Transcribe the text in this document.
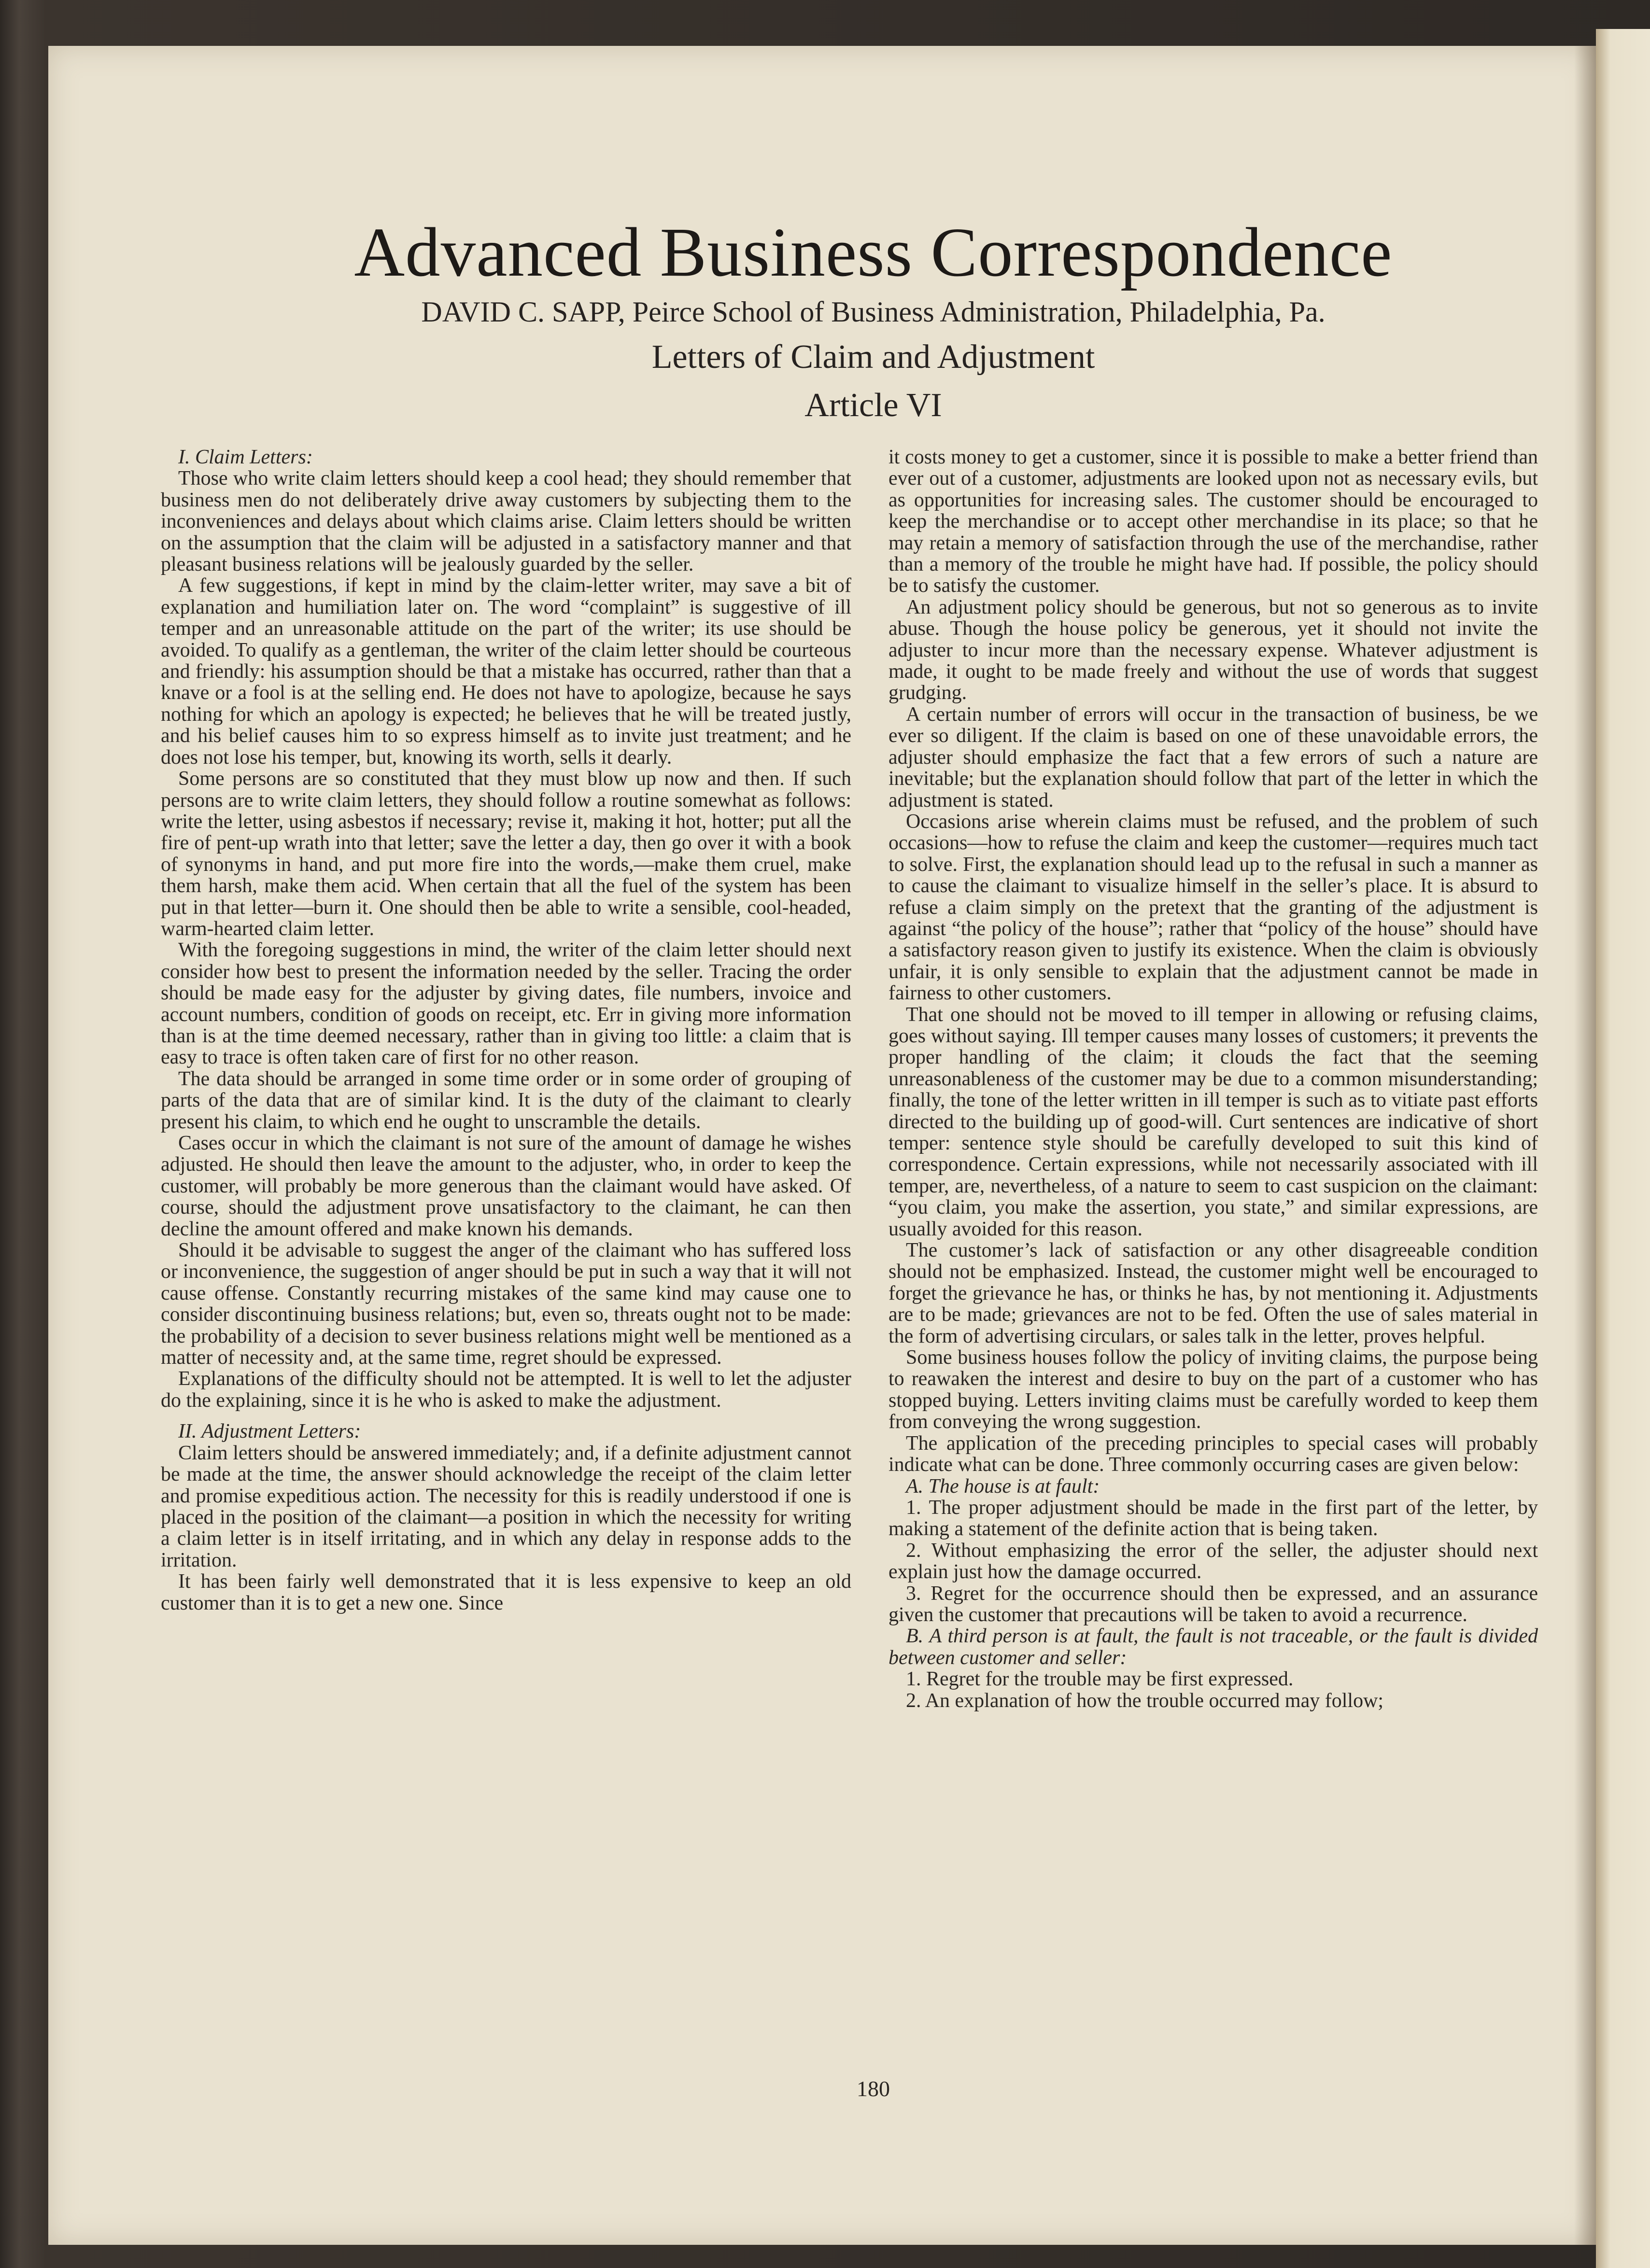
Advanced Business Correspondence
DAVID C. SAPP, Peirce School of Business Administration, Philadelphia, Pa.
Letters of Claim and Adjustment
Article VI

I. Claim Letters:

Those who write claim letters should keep a cool head; they should remember that business men do not deliberately drive away customers by subjecting them to the inconveniences and delays about which claims arise. Claim letters should be written on the assumption that the claim will be adjusted in a satisfactory manner and that pleasant business relations will be jealously guarded by the seller.

A few suggestions, if kept in mind by the claim-letter writer, may save a bit of explanation and humiliation later on. The word “complaint” is suggestive of ill temper and an unreasonable attitude on the part of the writer; its use should be avoided. To qualify as a gentleman, the writer of the claim letter should be courteous and friendly: his assumption should be that a mistake has occurred, rather than that a knave or a fool is at the selling end. He does not have to apologize, because he says nothing for which an apology is expected; he believes that he will be treated justly, and his belief causes him to so express himself as to invite just treatment; and he does not lose his temper, but, knowing its worth, sells it dearly.

Some persons are so constituted that they must blow up now and then. If such persons are to write claim letters, they should follow a routine somewhat as follows: write the letter, using asbestos if necessary; revise it, making it hot, hotter; put all the fire of pent-up wrath into that letter; save the letter a day, then go over it with a book of synonyms in hand, and put more fire into the words,—make them cruel, make them harsh, make them acid. When certain that all the fuel of the system has been put in that letter—burn it. One should then be able to write a sensible, cool-headed, warm-hearted claim letter.

With the foregoing suggestions in mind, the writer of the claim letter should next consider how best to present the information needed by the seller. Tracing the order should be made easy for the adjuster by giving dates, file numbers, invoice and account numbers, condition of goods on receipt, etc. Err in giving more information than is at the time deemed necessary, rather than in giving too little: a claim that is easy to trace is often taken care of first for no other reason.

The data should be arranged in some time order or in some order of grouping of parts of the data that are of similar kind. It is the duty of the claimant to clearly present his claim, to which end he ought to unscramble the details.

Cases occur in which the claimant is not sure of the amount of damage he wishes adjusted. He should then leave the amount to the adjuster, who, in order to keep the customer, will probably be more generous than the claimant would have asked. Of course, should the adjustment prove unsatisfactory to the claimant, he can then decline the amount offered and make known his demands.

Should it be advisable to suggest the anger of the claimant who has suffered loss or inconvenience, the suggestion of anger should be put in such a way that it will not cause offense. Constantly recurring mistakes of the same kind may cause one to consider discontinuing business relations; but, even so, threats ought not to be made: the probability of a decision to sever business relations might well be mentioned as a matter of necessity and, at the same time, regret should be expressed.

Explanations of the difficulty should not be attempted. It is well to let the adjuster do the explaining, since it is he who is asked to make the adjustment.

II. Adjustment Letters:

Claim letters should be answered immediately; and, if a definite adjustment cannot be made at the time, the answer should acknowledge the receipt of the claim letter and promise expeditious action. The necessity for this is readily understood if one is placed in the position of the claimant—a position in which the necessity for writing a claim letter is in itself irritating, and in which any delay in response adds to the irritation.

It has been fairly well demonstrated that it is less expensive to keep an old customer than it is to get a new one. Since

it costs money to get a customer, since it is possible to make a better friend than ever out of a customer, adjustments are looked upon not as necessary evils, but as opportunities for increasing sales. The customer should be encouraged to keep the merchandise or to accept other merchandise in its place; so that he may retain a memory of satisfaction through the use of the merchandise, rather than a memory of the trouble he might have had. If possible, the policy should be to satisfy the customer.

An adjustment policy should be generous, but not so generous as to invite abuse. Though the house policy be generous, yet it should not invite the adjuster to incur more than the necessary expense. Whatever adjustment is made, it ought to be made freely and without the use of words that suggest grudging.

A certain number of errors will occur in the transaction of business, be we ever so diligent. If the claim is based on one of these unavoidable errors, the adjuster should emphasize the fact that a few errors of such a nature are inevitable; but the explanation should follow that part of the letter in which the adjustment is stated.

Occasions arise wherein claims must be refused, and the problem of such occasions—how to refuse the claim and keep the customer—requires much tact to solve. First, the explanation should lead up to the refusal in such a manner as to cause the claimant to visualize himself in the seller’s place. It is absurd to refuse a claim simply on the pretext that the granting of the adjustment is against “the policy of the house”; rather that “policy of the house” should have a satisfactory reason given to justify its existence. When the claim is obviously unfair, it is only sensible to explain that the adjustment cannot be made in fairness to other customers.

That one should not be moved to ill temper in allowing or refusing claims, goes without saying. Ill temper causes many losses of customers; it prevents the proper handling of the claim; it clouds the fact that the seeming unreasonableness of the customer may be due to a common misunderstanding; finally, the tone of the letter written in ill temper is such as to vitiate past efforts directed to the building up of good-will. Curt sentences are indicative of short temper: sentence style should be carefully developed to suit this kind of correspondence. Certain expressions, while not necessarily associated with ill temper, are, nevertheless, of a nature to seem to cast suspicion on the claimant: “you claim, you make the assertion, you state,” and similar expressions, are usually avoided for this reason.

The customer’s lack of satisfaction or any other disagreeable condition should not be emphasized. Instead, the customer might well be encouraged to forget the grievance he has, or thinks he has, by not mentioning it. Adjustments are to be made; grievances are not to be fed. Often the use of sales material in the form of advertising circulars, or sales talk in the letter, proves helpful.

Some business houses follow the policy of inviting claims, the purpose being to reawaken the interest and desire to buy on the part of a customer who has stopped buying. Letters inviting claims must be carefully worded to keep them from conveying the wrong suggestion.

The application of the preceding principles to special cases will probably indicate what can be done. Three commonly occurring cases are given below:

A. The house is at fault:

1. The proper adjustment should be made in the first part of the letter, by making a statement of the definite action that is being taken.

2. Without emphasizing the error of the seller, the adjuster should next explain just how the damage occurred.

3. Regret for the occurrence should then be expressed, and an assurance given the customer that precautions will be taken to avoid a recurrence.

B. A third person is at fault, the fault is not traceable, or the fault is divided between customer and seller:

1. Regret for the trouble may be first expressed.

2. An explanation of how the trouble occurred may follow;

180
